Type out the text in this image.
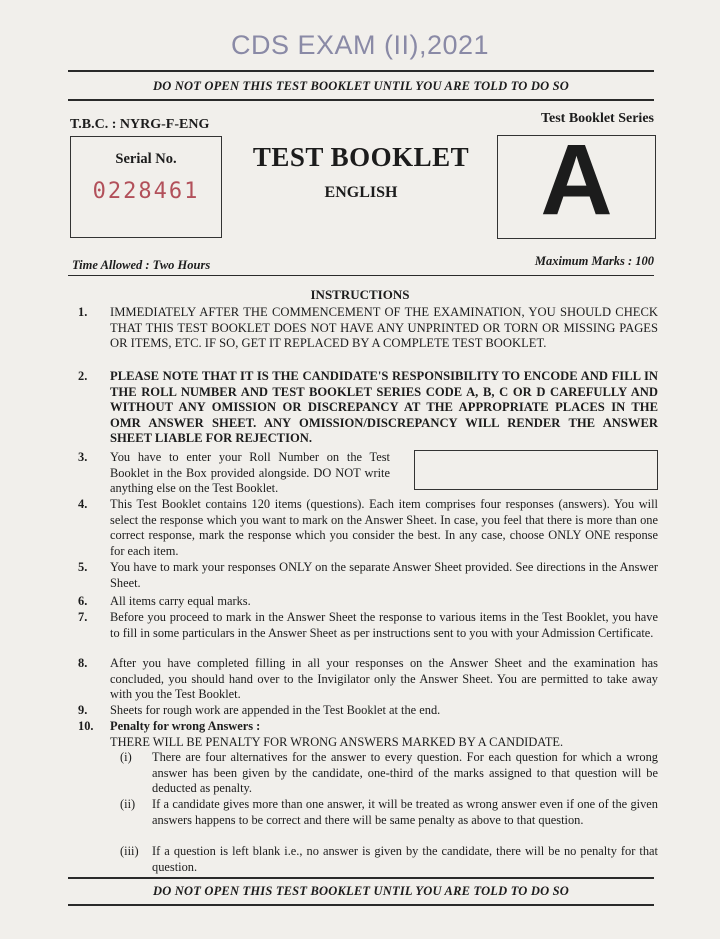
CDS EXAM (II),2021
DO NOT OPEN THIS TEST BOOKLET UNTIL YOU ARE TOLD TO DO SO
T.B.C. : NYRG-F-ENG	Test Booklet Series
Serial No.
0228461
TEST BOOKLET
ENGLISH	A
Time Allowed : Two Hours	Maximum Marks : 100
INSTRUCTIONS
1. IMMEDIATELY AFTER THE COMMENCEMENT OF THE EXAMINATION, YOU SHOULD CHECK THAT THIS TEST BOOKLET DOES NOT HAVE ANY UNPRINTED OR TORN OR MISSING PAGES OR ITEMS, ETC. IF SO, GET IT REPLACED BY A COMPLETE TEST BOOKLET.
2. PLEASE NOTE THAT IT IS THE CANDIDATE'S RESPONSIBILITY TO ENCODE AND FILL IN THE ROLL NUMBER AND TEST BOOKLET SERIES CODE A, B, C OR D CAREFULLY AND WITHOUT ANY OMISSION OR DISCREPANCY AT THE APPROPRIATE PLACES IN THE OMR ANSWER SHEET. ANY OMISSION/DISCREPANCY WILL RENDER THE ANSWER SHEET LIABLE FOR REJECTION.
3. You have to enter your Roll Number on the Test Booklet in the Box provided alongside. DO NOT write anything else on the Test Booklet.
4. This Test Booklet contains 120 items (questions). Each item comprises four responses (answers). You will select the response which you want to mark on the Answer Sheet. In case, you feel that there is more than one correct response, mark the response which you consider the best. In any case, choose ONLY ONE response for each item.
5. You have to mark your responses ONLY on the separate Answer Sheet provided. See directions in the Answer Sheet.
6. All items carry equal marks.
7. Before you proceed to mark in the Answer Sheet the response to various items in the Test Booklet, you have to fill in some particulars in the Answer Sheet as per instructions sent to you with your Admission Certificate.
8. After you have completed filling in all your responses on the Answer Sheet and the examination has concluded, you should hand over to the Invigilator only the Answer Sheet. You are permitted to take away with you the Test Booklet.
9. Sheets for rough work are appended in the Test Booklet at the end.
10. Penalty for wrong Answers :
THERE WILL BE PENALTY FOR WRONG ANSWERS MARKED BY A CANDIDATE.
(i) There are four alternatives for the answer to every question. For each question for which a wrong answer has been given by the candidate, one-third of the marks assigned to that question will be deducted as penalty.
(ii) If a candidate gives more than one answer, it will be treated as wrong answer even if one of the given answers happens to be correct and there will be same penalty as above to that question.
(iii) If a question is left blank i.e., no answer is given by the candidate, there will be no penalty for that question.
DO NOT OPEN THIS TEST BOOKLET UNTIL YOU ARE TOLD TO DO SO
